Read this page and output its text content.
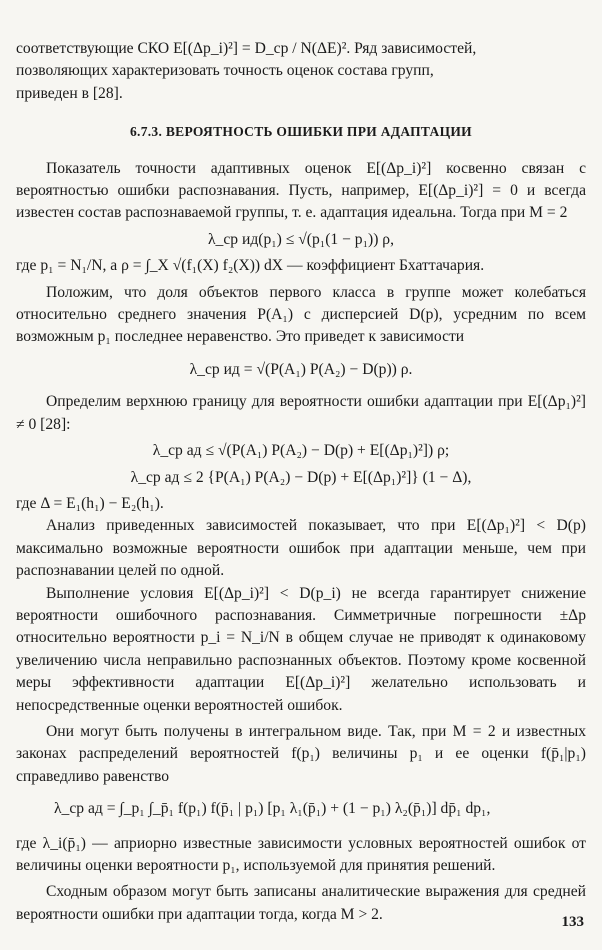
соответствующие СКО E[(Δp_i)²] = D_ср / N(ΔE)². Ряд зависимостей,

позволяющих характеризовать точность оценок состава групп,

приведен в [28].

6.7.3. ВЕРОЯТНОСТЬ ОШИБКИ ПРИ АДАПТАЦИИ

Показатель точности адаптивных оценок E[(Δp_i)²] косвенно связан с вероятностью ошибки распознавания. Пусть, например, E[(Δp_i)²] = 0 и всегда известен состав распознаваемой группы, т. е. адаптация идеальна. Тогда при M = 2

λ_ср ид(p₁) ≤ √(p₁(1 − p₁)) ρ,

где p₁ = N₁/N, а ρ = ∫_X √(f₁(X) f₂(X)) dX — коэффициент Бхаттачария.

Положим, что доля объектов первого класса в группе может колебаться относительно среднего значения P(A₁) с дисперсией D(p), усредним по всем возможным p₁ последнее неравенство. Это приведет к зависимости

λ_ср ид = √(P(A₁) P(A₂) − D(p)) ρ.

Определим верхнюю границу для вероятности ошибки адаптации при E[(Δp₁)²] ≠ 0 [28]:

λ_ср ад ≤ √(P(A₁) P(A₂) − D(p) + E[(Δp₁)²]) ρ;
λ_ср ад ≤ 2 {P(A₁) P(A₂) − D(p) + E[(Δp₁)²]} (1 − Δ),

где Δ = E₁(h₁) − E₂(h₁).

Анализ приведенных зависимостей показывает, что при E[(Δp₁)²] < D(p) максимально возможные вероятности ошибок при адаптации меньше, чем при распознавании целей по одной.

Выполнение условия E[(Δp_i)²] < D(p_i) не всегда гарантирует снижение вероятности ошибочного распознавания. Симметричные погрешности ±Δp относительно вероятности p_i = N_i/N в общем случае не приводят к одинаковому увеличению числа неправильно распознанных объектов. Поэтому кроме косвенной меры эффективности адаптации E[(Δp_i)²] желательно использовать и непосредственные оценки вероятностей ошибок.

Они могут быть получены в интегральном виде. Так, при M = 2 и известных законах распределений вероятностей f(p₁) величины p₁ и ее оценки f(p̄₁|p₁) справедливо равенство

λ_ср ад = ∫_p₁ ∫_p̄₁ f(p₁) f(p̄₁ | p₁) [p₁ λ₁(p̄₁) + (1 − p₁) λ₂(p̄₁)] dp̄₁ dp₁,

где λ_i(p̄₁) — априорно известные зависимости условных вероятностей ошибок от величины оценки вероятности p₁, используемой для принятия решений.

Сходным образом могут быть записаны аналитические выражения для средней вероятности ошибки при адаптации тогда, когда M > 2.	133
